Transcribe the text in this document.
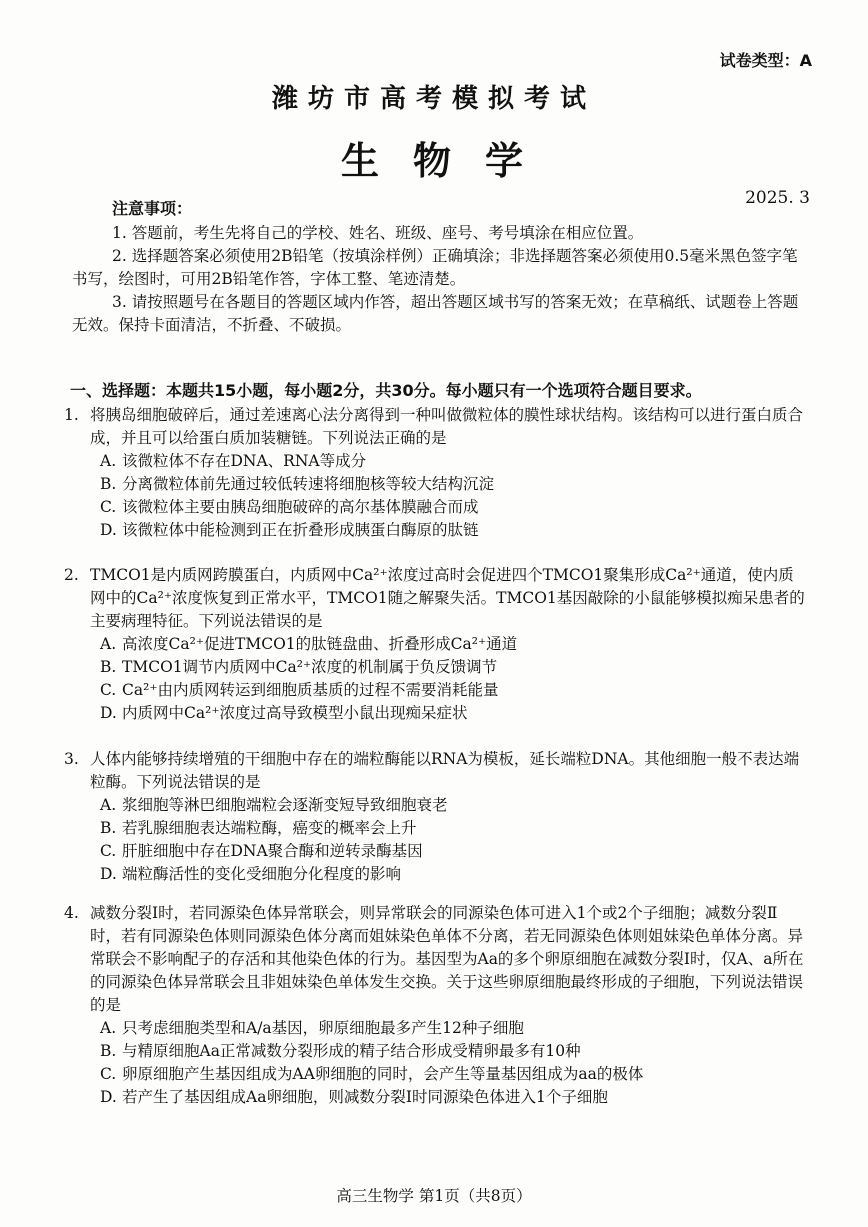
试卷类型：A
潍坊市高考模拟考试
生物学
2025. 3
注意事项：

1. 答题前，考生先将自己的学校、姓名、班级、座号、考号填涂在相应位置。

2. 选择题答案必须使用2B铅笔（按填涂样例）正确填涂；非选择题答案必须使用0.5毫米黑色签字笔书写，绘图时，可用2B铅笔作答，字体工整、笔迹清楚。

3. 请按照题号在各题目的答题区域内作答，超出答题区域书写的答案无效；在草稿纸、试题卷上答题无效。保持卡面清洁，不折叠、不破损。

一、选择题：本题共15小题，每小题2分，共30分。每小题只有一个选项符合题目要求。

1. 将胰岛细胞破碎后，通过差速离心法分离得到一种叫做微粒体的膜性球状结构。该结构可以进行蛋白质合成，并且可以给蛋白质加装糖链。下列说法正确的是

A. 该微粒体不存在DNA、RNA等成分

B. 分离微粒体前先通过较低转速将细胞核等较大结构沉淀

C. 该微粒体主要由胰岛细胞破碎的高尔基体膜融合而成

D. 该微粒体中能检测到正在折叠形成胰蛋白酶原的肽链

2. TMCO1是内质网跨膜蛋白，内质网中Ca²⁺浓度过高时会促进四个TMCO1聚集形成Ca²⁺通道，使内质网中的Ca²⁺浓度恢复到正常水平，TMCO1随之解聚失活。TMCO1基因敲除的小鼠能够模拟痴呆患者的主要病理特征。下列说法错误的是

A. 高浓度Ca²⁺促进TMCO1的肽链盘曲、折叠形成Ca²⁺通道

B. TMCO1调节内质网中Ca²⁺浓度的机制属于负反馈调节

C. Ca²⁺由内质网转运到细胞质基质的过程不需要消耗能量

D. 内质网中Ca²⁺浓度过高导致模型小鼠出现痴呆症状

3. 人体内能够持续增殖的干细胞中存在的端粒酶能以RNA为模板，延长端粒DNA。其他细胞一般不表达端粒酶。下列说法错误的是

A. 浆细胞等淋巴细胞端粒会逐渐变短导致细胞衰老

B. 若乳腺细胞表达端粒酶，癌变的概率会上升

C. 肝脏细胞中存在DNA聚合酶和逆转录酶基因

D. 端粒酶活性的变化受细胞分化程度的影响

4. 减数分裂Ⅰ时，若同源染色体异常联会，则异常联会的同源染色体可进入1个或2个子细胞；减数分裂Ⅱ时，若有同源染色体则同源染色体分离而姐妹染色单体不分离，若无同源染色体则姐妹染色单体分离。异常联会不影响配子的存活和其他染色体的行为。基因型为Aa的多个卵原细胞在减数分裂Ⅰ时，仅A、a所在的同源染色体异常联会且非姐妹染色单体发生交换。关于这些卵原细胞最终形成的子细胞，下列说法错误的是

A. 只考虑细胞类型和A/a基因，卵原细胞最多产生12种子细胞

B. 与精原细胞Aa正常减数分裂形成的精子结合形成受精卵最多有10种

C. 卵原细胞产生基因组成为AA卵细胞的同时，会产生等量基因组成为aa的极体

D. 若产生了基因组成Aa卵细胞，则减数分裂Ⅰ时同源染色体进入1个子细胞

高三生物学 第1页（共8页）
